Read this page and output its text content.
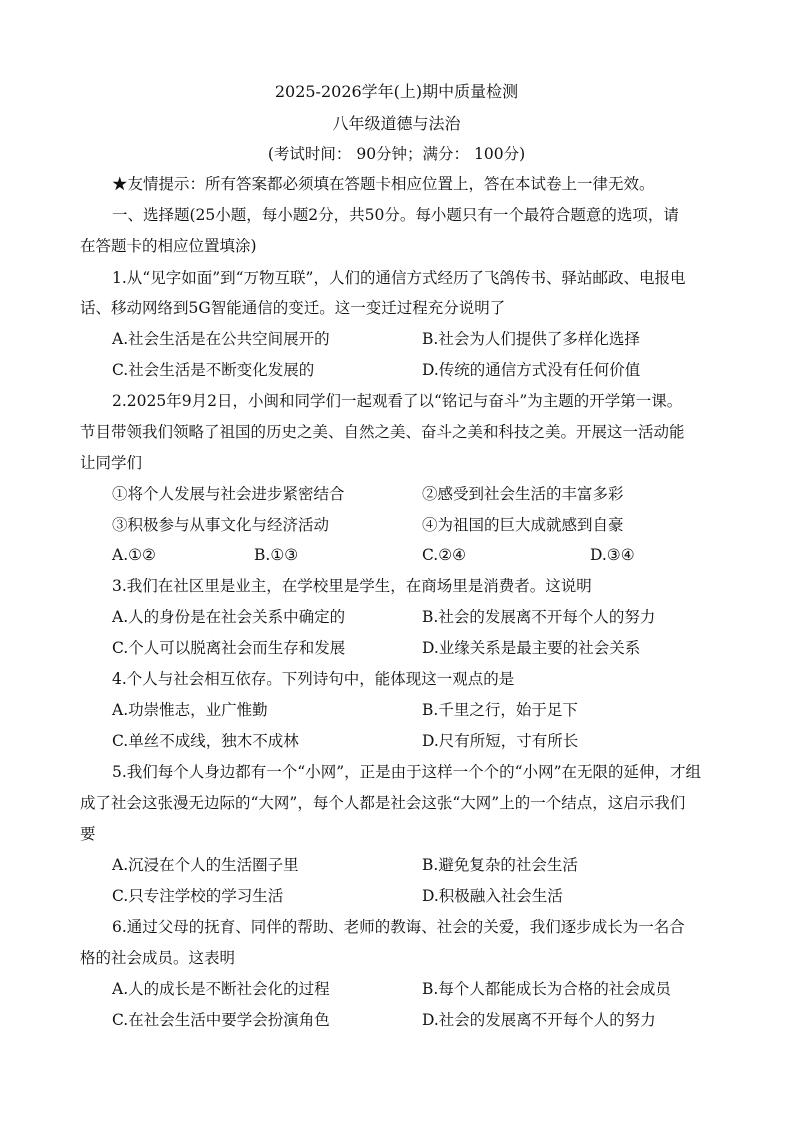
2025-2026学年(上)期中质量检测
八年级道德与法治
(考试时间： 90分钟；满分： 100分)
★友情提示：所有答案都必须填在答题卡相应位置上，答在本试卷上一律无效。
一、选择题(25小题，每小题2分，共50分。每小题只有一个最符合题意的选项，请
在答题卡的相应位置填涂)
1.从“见字如面”到“万物互联”，人们的通信方式经历了飞鸽传书、驿站邮政、电报电
话、移动网络到5G智能通信的变迁。这一变迁过程充分说明了
A.社会生活是在公共空间展开的	B.社会为人们提供了多样化选择
C.社会生活是不断变化发展的	D.传统的通信方式没有任何价值
2.2025年9月2日，小闽和同学们一起观看了以“铭记与奋斗”为主题的开学第一课。
节目带领我们领略了祖国的历史之美、自然之美、奋斗之美和科技之美。开展这一活动能
让同学们
①将个人发展与社会进步紧密结合	②感受到社会生活的丰富多彩
③积极参与从事文化与经济活动	④为祖国的巨大成就感到自豪
A.①②	B.①③	C.②④	D.③④
3.我们在社区里是业主，在学校里是学生，在商场里是消费者。这说明
A.人的身份是在社会关系中确定的	B.社会的发展离不开每个人的努力
C.个人可以脱离社会而生存和发展	D.业缘关系是最主要的社会关系
4.个人与社会相互依存。下列诗句中，能体现这一观点的是
A.功崇惟志，业广惟勤	B.千里之行，始于足下
C.单丝不成线，独木不成林	D.尺有所短，寸有所长
5.我们每个人身边都有一个“小网”，正是由于这样一个个的“小网”在无限的延伸，才组
成了社会这张漫无边际的“大网”，每个人都是社会这张“大网”上的一个结点，这启示我们
要
A.沉浸在个人的生活圈子里	B.避免复杂的社会生活
C.只专注学校的学习生活	D.积极融入社会生活
6.通过父母的抚育、同伴的帮助、老师的教诲、社会的关爱，我们逐步成长为一名合
格的社会成员。这表明
A.人的成长是不断社会化的过程	B.每个人都能成长为合格的社会成员
C.在社会生活中要学会扮演角色	D.社会的发展离不开每个人的努力
